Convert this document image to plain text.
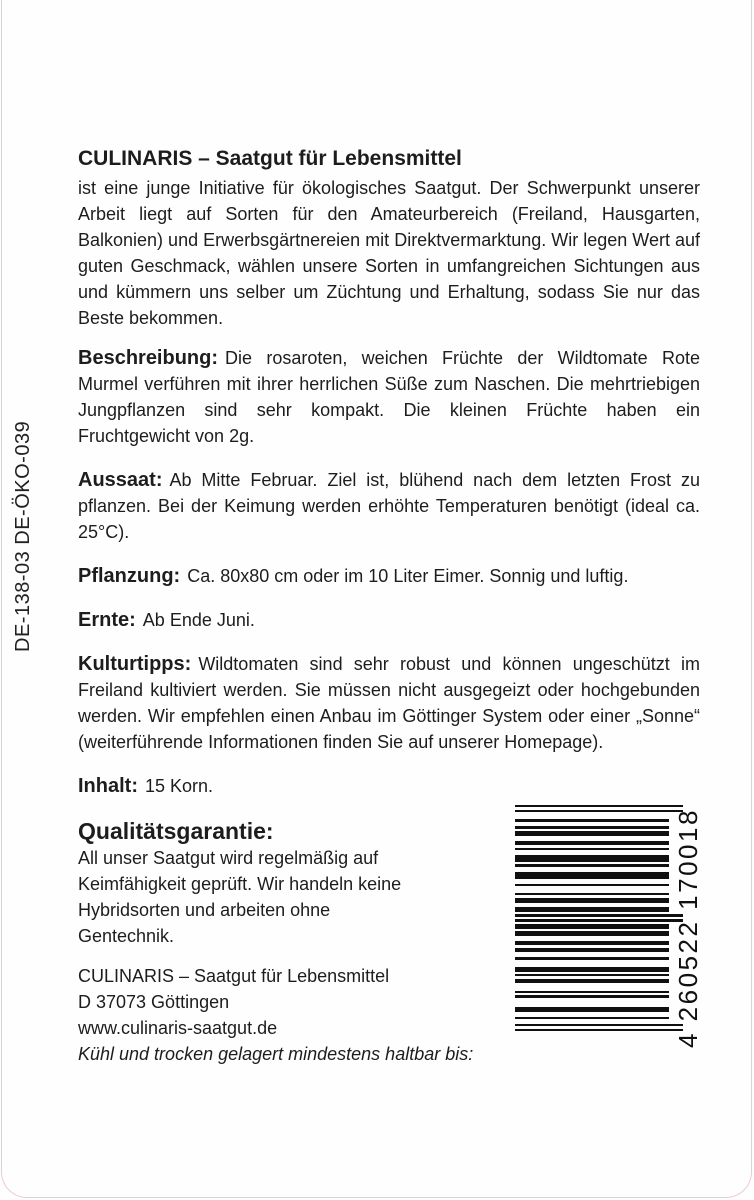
DE-138-03 DE-ÖKO-039
CULINARIS – Saatgut für Lebensmittel

ist eine junge Initiative für ökologisches Saatgut. Der Schwerpunkt unserer Arbeit liegt auf Sorten für den Amateurbereich (Freiland, Hausgarten, Balkonien) und Erwerbsgärtnereien mit Direktvermarktung. Wir legen Wert auf guten Geschmack, wählen unsere Sorten in umfangreichen Sichtungen aus und kümmern uns selber um Züchtung und Erhaltung, sodass Sie nur das Beste bekommen.

Beschreibung: Die rosaroten, weichen Früchte der Wildtomate Rote Murmel verführen mit ihrer herrlichen Süße zum Naschen. Die mehrtriebigen Jungpflanzen sind sehr kompakt. Die kleinen Früchte haben ein Fruchtgewicht von 2g.

Aussaat: Ab Mitte Februar. Ziel ist, blühend nach dem letzten Frost zu pflanzen. Bei der Keimung werden erhöhte Temperaturen benötigt (ideal ca. 25°C).

Pflanzung: Ca. 80x80 cm oder im 10 Liter Eimer. Sonnig und luftig.

Ernte: Ab Ende Juni.

Kulturtipps: Wildtomaten sind sehr robust und können ungeschützt im Freiland kultiviert werden. Sie müssen nicht ausgegeizt oder hochgebunden werden. Wir empfehlen einen Anbau im Göttinger System oder einer „Sonne“ (weiterführende Informationen finden Sie auf unserer Homepage).

Inhalt: 15 Korn.

Qualitätsgarantie:

All unser Saatgut wird regelmäßig auf Keimfähigkeit geprüft. Wir handeln keine Hybridsorten und arbeiten ohne Gentechnik.

CULINARIS – Saatgut für Lebensmittel

D 37073 Göttingen

www.culinaris-saatgut.de

Kühl und trocken gelagert mindestens haltbar bis:

4 260522 170018
